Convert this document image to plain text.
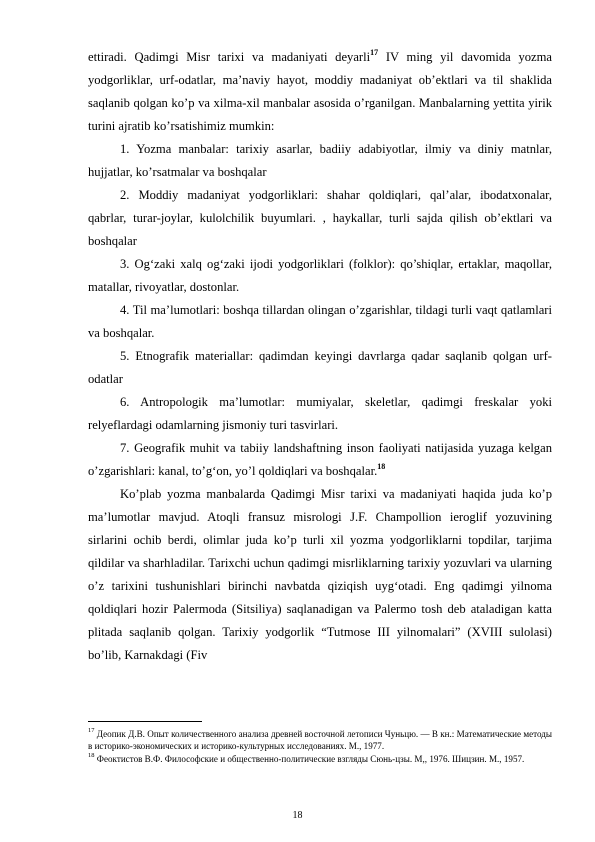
ettiradi. Qadimgi Misr tarixi va madaniyati deyarli$^{17}$ IV ming yil davomida yozma yodgorliklar, urf-odatlar, ma’naviy hayot, moddiy madaniyat ob’ektlari va til shaklida saqlanib qolgan ko’p va xilma-xil manbalar asosida o’rganilgan. Manbalarning yettita yirik turini ajratib ko’rsatishimiz mumkin:

1. Yozma manbalar: tarixiy asarlar, badiiy adabiyotlar, ilmiy va diniy matnlar, hujjatlar, ko’rsatmalar va boshqalar

2. Moddiy madaniyat yodgorliklari: shahar qoldiqlari, qal’alar, ibodatxonalar, qabrlar, turar-joylar, kulolchilik buyumlari. , haykallar, turli sajda qilish ob’ektlari va boshqalar

3. Og‘zaki xalq og‘zaki ijodi yodgorliklari (folklor): qo’shiqlar, ertaklar, maqollar, matallar, rivoyatlar, dostonlar.

4. Til ma’lumotlari: boshqa tillardan olingan o’zgarishlar, tildagi turli vaqt qatlamlari va boshqalar.

5. Etnografik materiallar: qadimdan keyingi davrlarga qadar saqlanib qolgan urf-odatlar

6. Antropologik ma’lumotlar: mumiyalar, skeletlar, qadimgi freskalar yoki relyeflardagi odamlarning jismoniy turi tasvirlari.

7. Geografik muhit va tabiiy landshaftning inson faoliyati natijasida yuzaga kelgan o’zgarishlari: kanal, to’g‘on, yo’l qoldiqlari va boshqalar.$^{18}$

Ko’plab yozma manbalarda Qadimgi Misr tarixi va madaniyati haqida juda ko’p ma’lumotlar mavjud. Atoqli fransuz misrologi J.F. Champollion ieroglif yozuvining sirlarini ochib berdi, olimlar juda ko’p turli xil yozma yodgorliklarni topdilar, tarjima qildilar va sharhladilar. Tarixchi uchun qadimgi misrliklarning tarixiy yozuvlari va ularning o’z tarixini tushunishlari birinchi navbatda qiziqish uyg‘otadi. Eng qadimgi yilnoma qoldiqlari hozir Palermoda (Sitsiliya) saqlanadigan va Palermo tosh deb ataladigan katta plitada saqlanib qolgan. Tarixiy yodgorlik “Tutmose III yilnomalari” (XVIII sulolasi) bo’lib, Karnakdagi (Fiv

$^{17}$ Деопик Д.В. Опыт количественного анализа древней восточной летописи Чуньцю. — В кн.: Математические методы в историко-экономических и историко-культурных исследованиях. М., 1977.

$^{18}$ Феоктистов В.Ф. Философские и общественно-политические взгляды Сюнь-цзы. М,, 1976. Шицзин. М., 1957.

18
